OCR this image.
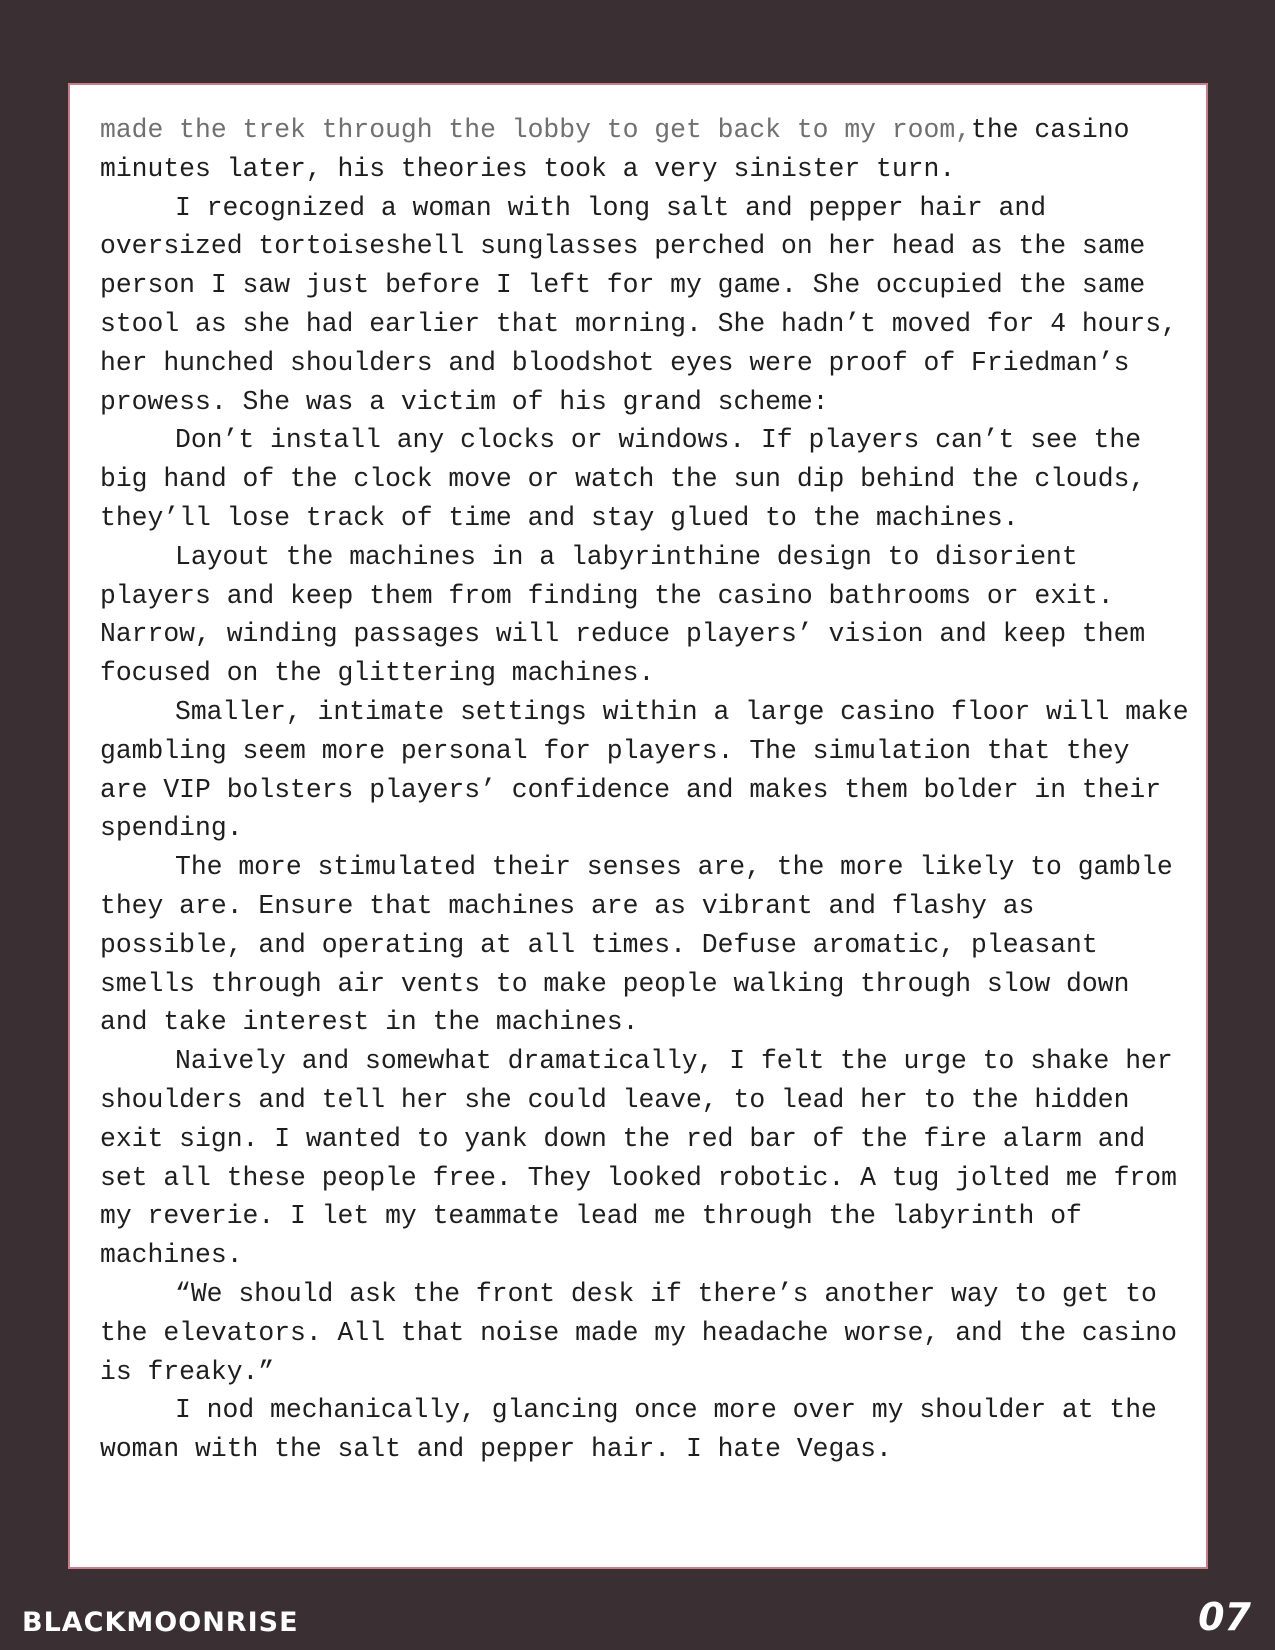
made the trek through the lobby to get back to my room,the casino minutes later, his theories took a very sinister turn.

I recognized a woman with long salt and pepper hair and oversized tortoiseshell sunglasses perched on her head as the same person I saw just before I left for my game. She occupied the same stool as she had earlier that morning. She hadn’t moved for 4 hours, her hunched shoulders and bloodshot eyes were proof of Friedman’s prowess. She was a victim of his grand scheme:

Don’t install any clocks or windows. If players can’t see the big hand of the clock move or watch the sun dip behind the clouds, they’ll lose track of time and stay glued to the machines.

Layout the machines in a labyrinthine design to disorient players and keep them from finding the casino bathrooms or exit. Narrow, winding passages will reduce players’ vision and keep them focused on the glittering machines.

Smaller, intimate settings within a large casino floor will make gambling seem more personal for players. The simulation that they are VIP bolsters players’ confidence and makes them bolder in their spending.

The more stimulated their senses are, the more likely to gamble they are. Ensure that machines are as vibrant and flashy as possible, and operating at all times. Defuse aromatic, pleasant smells through air vents to make people walking through slow down and take interest in the machines.

Naively and somewhat dramatically, I felt the urge to shake her shoulders and tell her she could leave, to lead her to the hidden exit sign. I wanted to yank down the red bar of the fire alarm and set all these people free. They looked robotic. A tug jolted me from my reverie. I let my teammate lead me through the labyrinth of machines.

“We should ask the front desk if there’s another way to get to the elevators. All that noise made my headache worse, and the casino is freaky.”

I nod mechanically, glancing once more over my shoulder at the woman with the salt and pepper hair. I hate Vegas.

BLACKMOONRISE	07
